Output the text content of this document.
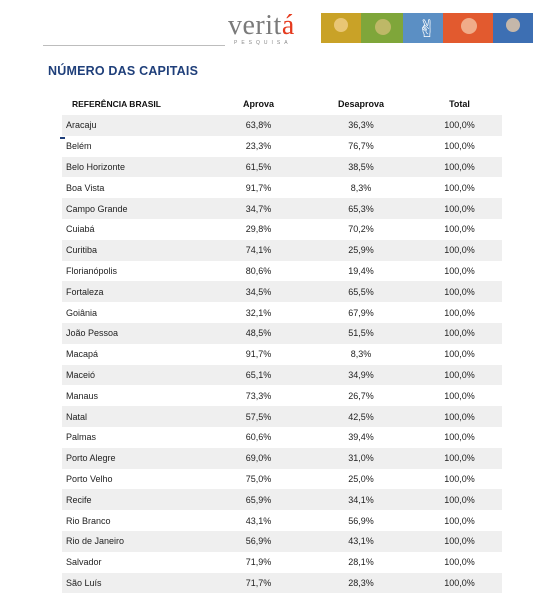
veritá
PESQUISA	✌
NÚMERO DAS CAPITAIS
REFERÊNCIA BRASIL	Aprova	Desaprova	Total
Aracaju	63,8%	36,3%	100,0%
Belém	23,3%	76,7%	100,0%
Belo Horizonte	61,5%	38,5%	100,0%
Boa Vista	91,7%	8,3%	100,0%
Campo Grande	34,7%	65,3%	100,0%
Cuiabá	29,8%	70,2%	100,0%
Curitiba	74,1%	25,9%	100,0%
Florianópolis	80,6%	19,4%	100,0%
Fortaleza	34,5%	65,5%	100,0%
Goiânia	32,1%	67,9%	100,0%
João Pessoa	48,5%	51,5%	100,0%
Macapá	91,7%	8,3%	100,0%
Maceió	65,1%	34,9%	100,0%
Manaus	73,3%	26,7%	100,0%
Natal	57,5%	42,5%	100,0%
Palmas	60,6%	39,4%	100,0%
Porto Alegre	69,0%	31,0%	100,0%
Porto Velho	75,0%	25,0%	100,0%
Recife	65,9%	34,1%	100,0%
Rio Branco	43,1%	56,9%	100,0%
Rio de Janeiro	56,9%	43,1%	100,0%
Salvador	71,9%	28,1%	100,0%
São Luís	71,7%	28,3%	100,0%
